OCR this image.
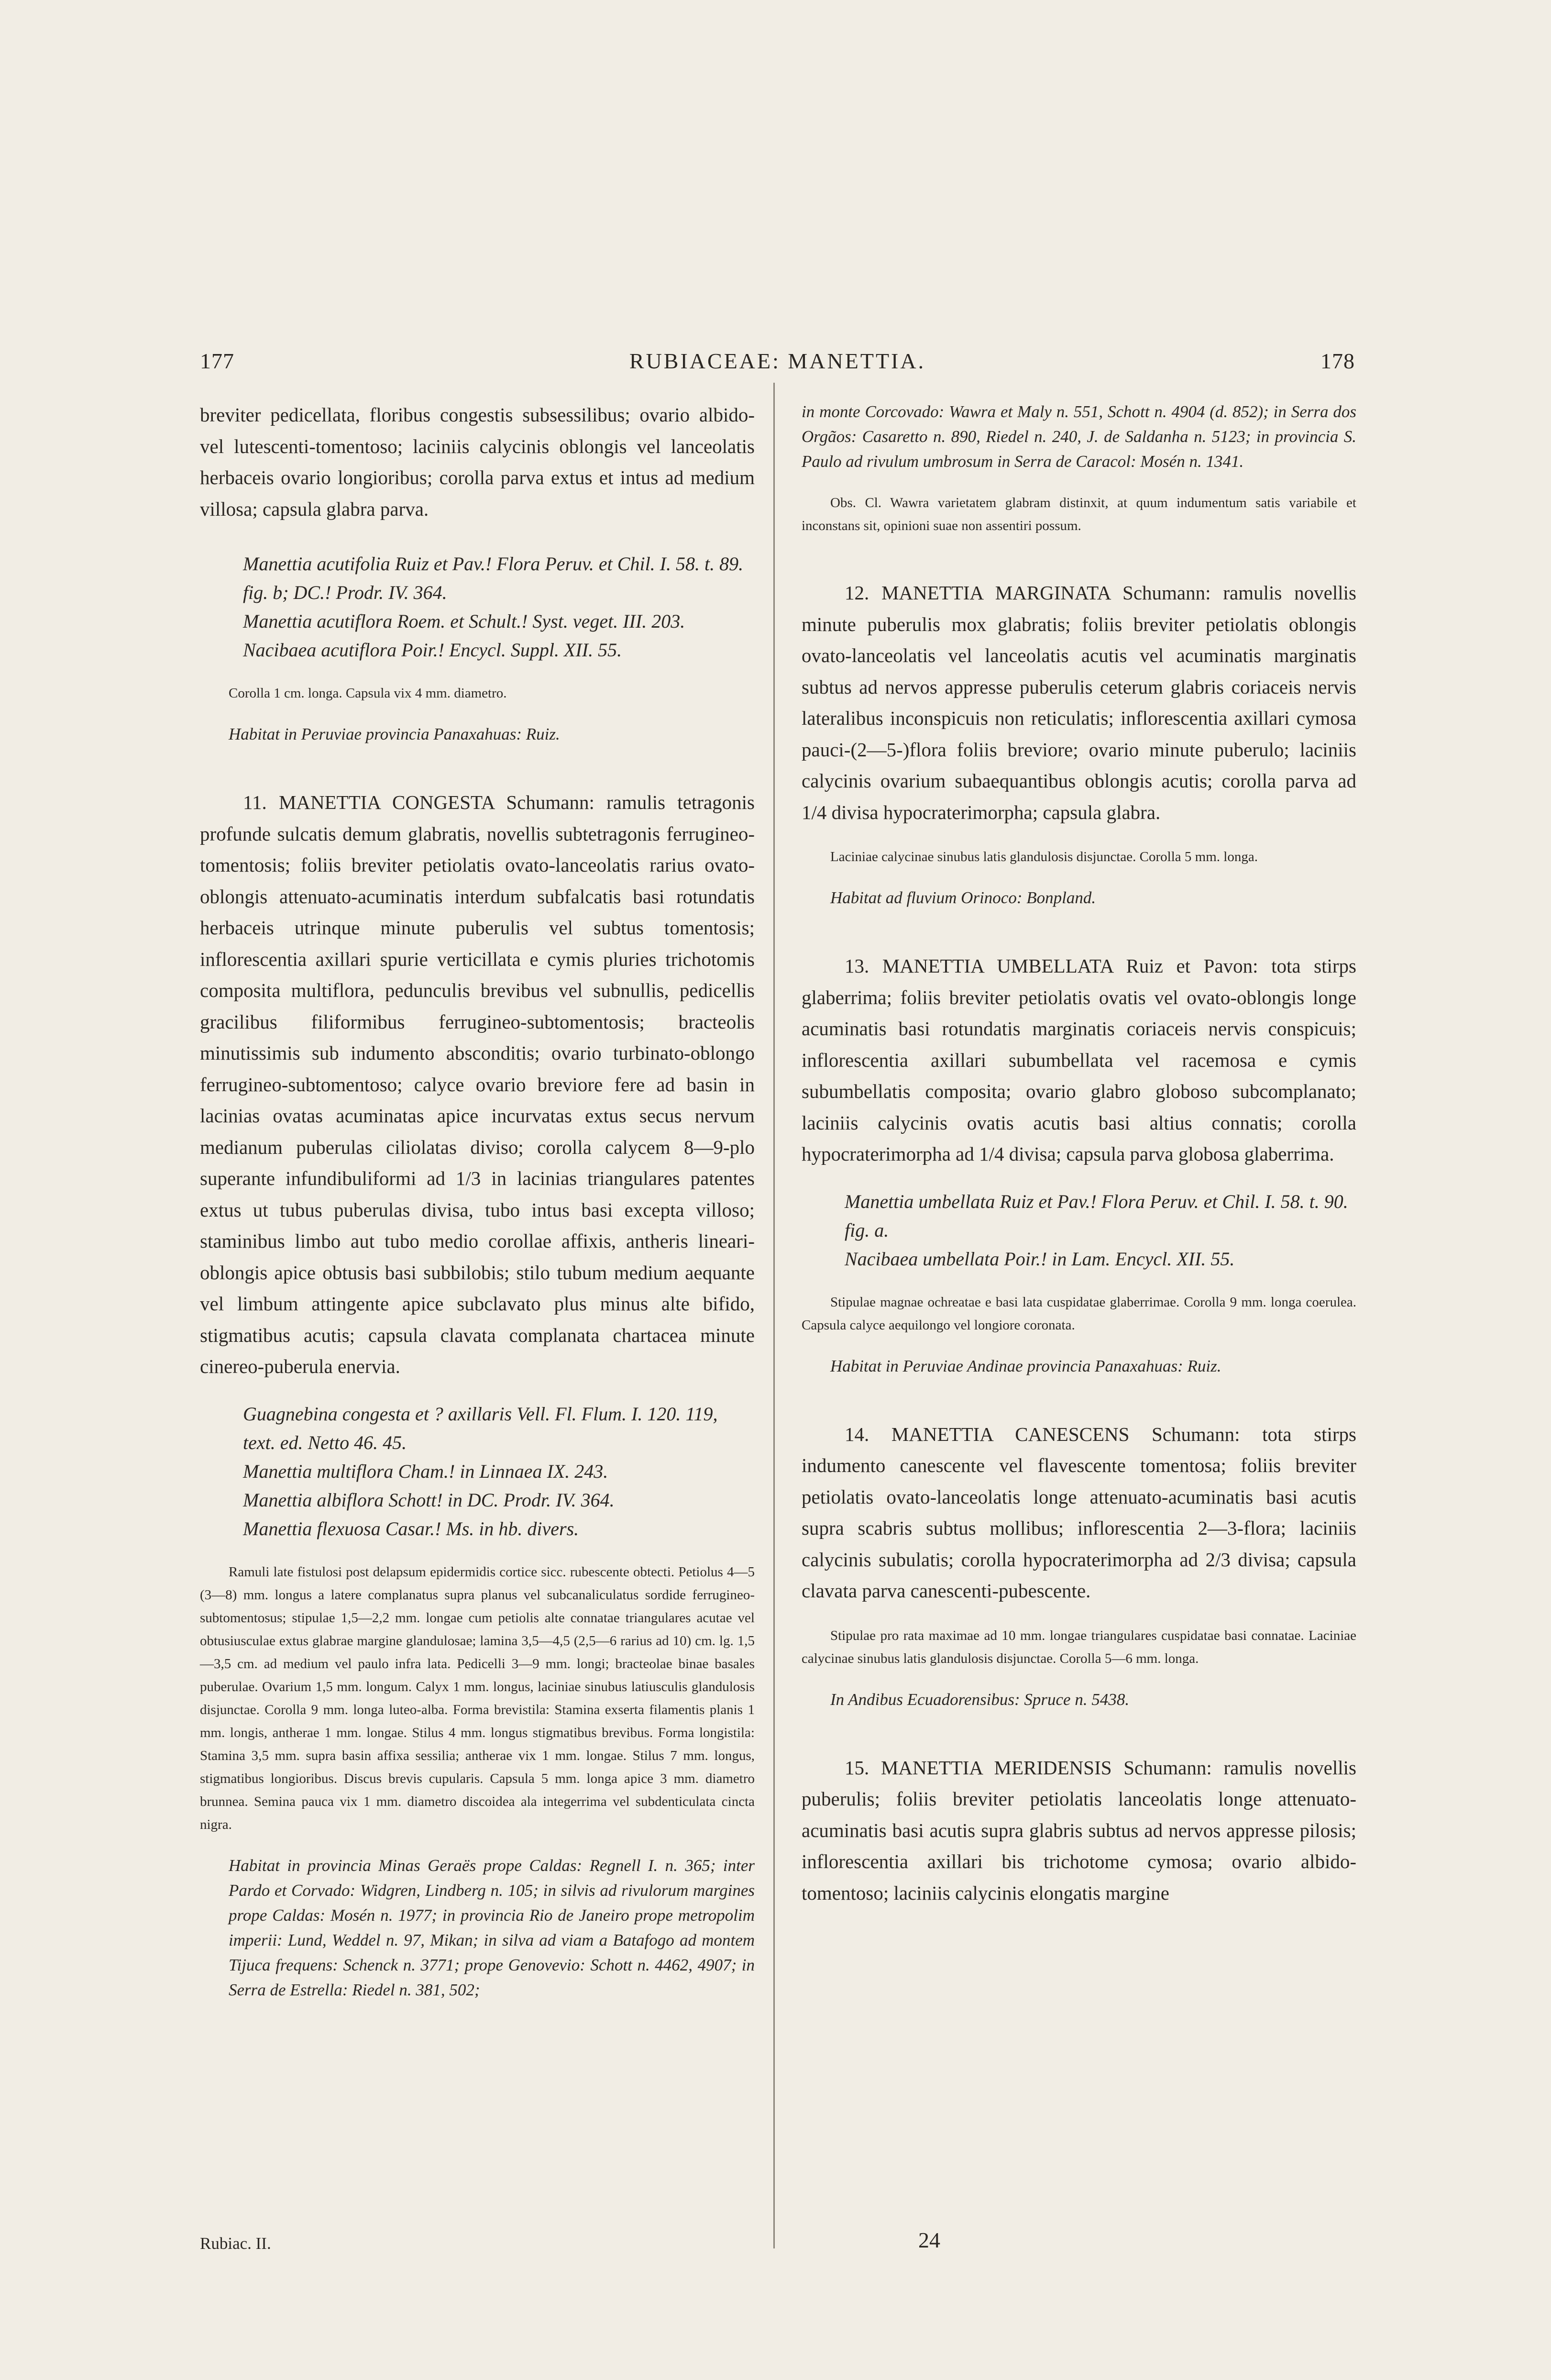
177	RUBIACEAE: MANETTIA.	178

breviter pedicellata, floribus congestis subsessilibus; ovario albido- vel lutescenti-tomentoso; laciniis calycinis oblongis vel lanceolatis herbaceis ovario longioribus; corolla parva extus et intus ad medium villosa; capsula glabra parva.

Manettia acutifolia Ruiz et Pav.! Flora Peruv. et Chil. I. 58. t. 89. fig. b; DC.! Prodr. IV. 364.

Manettia acutiflora Roem. et Schult.! Syst. veget. III. 203.

Nacibaea acutiflora Poir.! Encycl. Suppl. XII. 55.

Corolla 1 cm. longa. Capsula vix 4 mm. diametro.

Habitat in Peruviae provincia Panaxahuas: Ruiz.

11. MANETTIA CONGESTA Schumann: ramulis tetragonis profunde sulcatis demum glabratis, novellis subtetragonis ferrugineo-tomentosis; foliis breviter petiolatis ovato-lanceolatis rarius ovato-oblongis attenuato-acuminatis interdum subfalcatis basi rotundatis herbaceis utrinque minute puberulis vel subtus tomentosis; inflorescentia axillari spurie verticillata e cymis pluries trichotomis composita multiflora, pedunculis brevibus vel subnullis, pedicellis gracilibus filiformibus ferrugineo-subtomentosis; bracteolis minutissimis sub indumento absconditis; ovario turbinato-oblongo ferrugineo-subtomentoso; calyce ovario breviore fere ad basin in lacinias ovatas acuminatas apice incurvatas extus secus nervum medianum puberulas ciliolatas diviso; corolla calycem 8—9-plo superante infundibuliformi ad 1/3 in lacinias triangulares patentes extus ut tubus puberulas divisa, tubo intus basi excepta villoso; staminibus limbo aut tubo medio corollae affixis, antheris lineari-oblongis apice obtusis basi subbilobis; stilo tubum medium aequante vel limbum attingente apice subclavato plus minus alte bifido, stigmatibus acutis; capsula clavata complanata chartacea minute cinereo-puberula enervia.

Guagnebina congesta et ? axillaris Vell. Fl. Flum. I. 120. 119, text. ed. Netto 46. 45.

Manettia multiflora Cham.! in Linnaea IX. 243.

Manettia albiflora Schott! in DC. Prodr. IV. 364.

Manettia flexuosa Casar.! Ms. in hb. divers.

Ramuli late fistulosi post delapsum epidermidis cortice sicc. rubescente obtecti. Petiolus 4—5 (3—8) mm. longus a latere complanatus supra planus vel subcanaliculatus sordide ferrugineo-subtomentosus; stipulae 1,5—2,2 mm. longae cum petiolis alte connatae triangulares acutae vel obtusiusculae extus glabrae margine glandulosae; lamina 3,5—4,5 (2,5—6 rarius ad 10) cm. lg. 1,5—3,5 cm. ad medium vel paulo infra lata. Pedicelli 3—9 mm. longi; bracteolae binae basales puberulae. Ovarium 1,5 mm. longum. Calyx 1 mm. longus, laciniae sinubus latiusculis glandulosis disjunctae. Corolla 9 mm. longa luteo-alba. Forma brevistila: Stamina exserta filamentis planis 1 mm. longis, antherae 1 mm. longae. Stilus 4 mm. longus stigmatibus brevibus. Forma longistila: Stamina 3,5 mm. supra basin affixa sessilia; antherae vix 1 mm. longae. Stilus 7 mm. longus, stigmatibus longioribus. Discus brevis cupularis. Capsula 5 mm. longa apice 3 mm. diametro brunnea. Semina pauca vix 1 mm. diametro discoidea ala integerrima vel subdenticulata cincta nigra.

Habitat in provincia Minas Geraës prope Caldas: Regnell I. n. 365; inter Pardo et Corvado: Widgren, Lindberg n. 105; in silvis ad rivulorum margines prope Caldas: Mosén n. 1977; in provincia Rio de Janeiro prope metropolim imperii: Lund, Weddel n. 97, Mikan; in silva ad viam a Batafogo ad montem Tijuca frequens: Schenck n. 3771; prope Genovevio: Schott n. 4462, 4907; in Serra de Estrella: Riedel n. 381, 502;

in monte Corcovado: Wawra et Maly n. 551, Schott n. 4904 (d. 852); in Serra dos Orgãos: Casaretto n. 890, Riedel n. 240, J. de Saldanha n. 5123; in provincia S. Paulo ad rivulum umbrosum in Serra de Caracol: Mosén n. 1341.

Obs. Cl. Wawra varietatem glabram distinxit, at quum indumentum satis variabile et inconstans sit, opinioni suae non assentiri possum.

12. MANETTIA MARGINATA Schumann: ramulis novellis minute puberulis mox glabratis; foliis breviter petiolatis oblongis ovato-lanceolatis vel lanceolatis acutis vel acuminatis marginatis subtus ad nervos appresse puberulis ceterum glabris coriaceis nervis lateralibus inconspicuis non reticulatis; inflorescentia axillari cymosa pauci-(2—5-)flora foliis breviore; ovario minute puberulo; laciniis calycinis ovarium subaequantibus oblongis acutis; corolla parva ad 1/4 divisa hypocraterimorpha; capsula glabra.

Laciniae calycinae sinubus latis glandulosis disjunctae. Corolla 5 mm. longa.

Habitat ad fluvium Orinoco: Bonpland.

13. MANETTIA UMBELLATA Ruiz et Pavon: tota stirps glaberrima; foliis breviter petiolatis ovatis vel ovato-oblongis longe acuminatis basi rotundatis marginatis coriaceis nervis conspicuis; inflorescentia axillari subumbellata vel racemosa e cymis subumbellatis composita; ovario glabro globoso subcomplanato; laciniis calycinis ovatis acutis basi altius connatis; corolla hypocraterimorpha ad 1/4 divisa; capsula parva globosa glaberrima.

Manettia umbellata Ruiz et Pav.! Flora Peruv. et Chil. I. 58. t. 90. fig. a.

Nacibaea umbellata Poir.! in Lam. Encycl. XII. 55.

Stipulae magnae ochreatae e basi lata cuspidatae glaberrimae. Corolla 9 mm. longa coerulea. Capsula calyce aequilongo vel longiore coronata.

Habitat in Peruviae Andinae provincia Panaxahuas: Ruiz.

14. MANETTIA CANESCENS Schumann: tota stirps indumento canescente vel flavescente tomentosa; foliis breviter petiolatis ovato-lanceolatis longe attenuato-acuminatis basi acutis supra scabris subtus mollibus; inflorescentia 2—3-flora; laciniis calycinis subulatis; corolla hypocraterimorpha ad 2/3 divisa; capsula clavata parva canescenti-pubescente.

Stipulae pro rata maximae ad 10 mm. longae triangulares cuspidatae basi connatae. Laciniae calycinae sinubus latis glandulosis disjunctae. Corolla 5—6 mm. longa.

In Andibus Ecuadorensibus: Spruce n. 5438.

15. MANETTIA MERIDENSIS Schumann: ramulis novellis puberulis; foliis breviter petiolatis lanceolatis longe attenuato-acuminatis basi acutis supra glabris subtus ad nervos appresse pilosis; inflorescentia axillari bis trichotome cymosa; ovario albido-tomentoso; laciniis calycinis elongatis margine

Rubiac. II.	24
